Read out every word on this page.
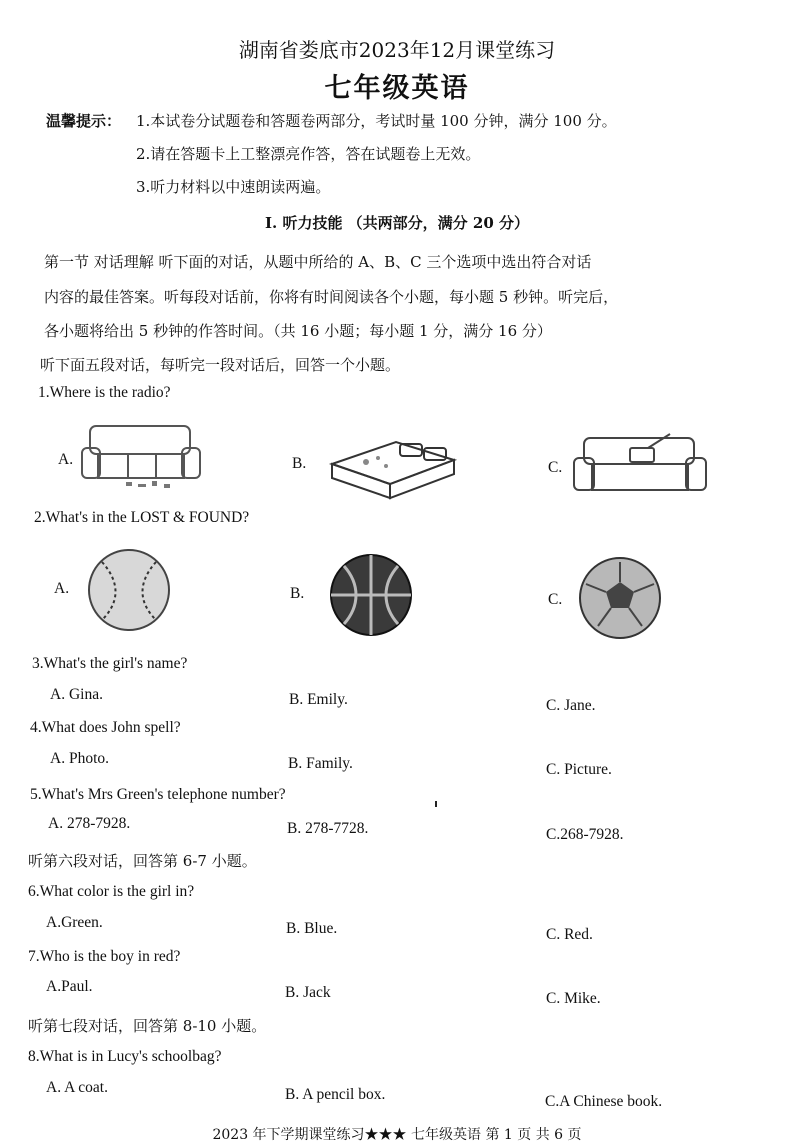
湖南省娄底市2023年12月课堂练习
七年级英语
温馨提示： 1.本试卷分试题卷和答题卷两部分，考试时量 100 分钟，满分 100 分。
2.请在答题卡上工整漂亮作答，答在试题卷上无效。
3.听力材料以中速朗读两遍。
I. 听力技能 （共两部分，满分 20 分）
第一节 对话理解 听下面的对话，从题中所给的 A、B、C 三个选项中选出符合对话
内容的最佳答案。听每段对话前，你将有时间阅读各个小题，每小题 5 秒钟。听完后，
各小题将给出 5 秒钟的作答时间。（共 16 小题；每小题 1 分，满分 16 分）
听下面五段对话，每听完一段对话后，回答一个小题。
1.Where is the radio?
A.	B.	C.
2.What's in the LOST & FOUND?
A.	B.	C.
3.What's the girl's name?
A. Gina.	B. Emily.	C. Jane.
4.What does John spell?
A. Photo.	B. Family.	C. Picture.
5.What's Mrs Green's telephone number?
A. 278-7928.	B. 278-7728.	C.268-7928.
听第六段对话，回答第 6-7 小题。
6.What color is the girl in?
A.Green.	B. Blue.	C. Red.
7.Who is the boy in red?
A.Paul.	B. Jack	C. Mike.
听第七段对话，回答第 8-10 小题。
8.What is in Lucy's schoolbag?
A. A coat.	B. A pencil box.	C.A Chinese book.
2023 年下学期课堂练习★★★ 七年级英语 第 1 页 共 6 页
